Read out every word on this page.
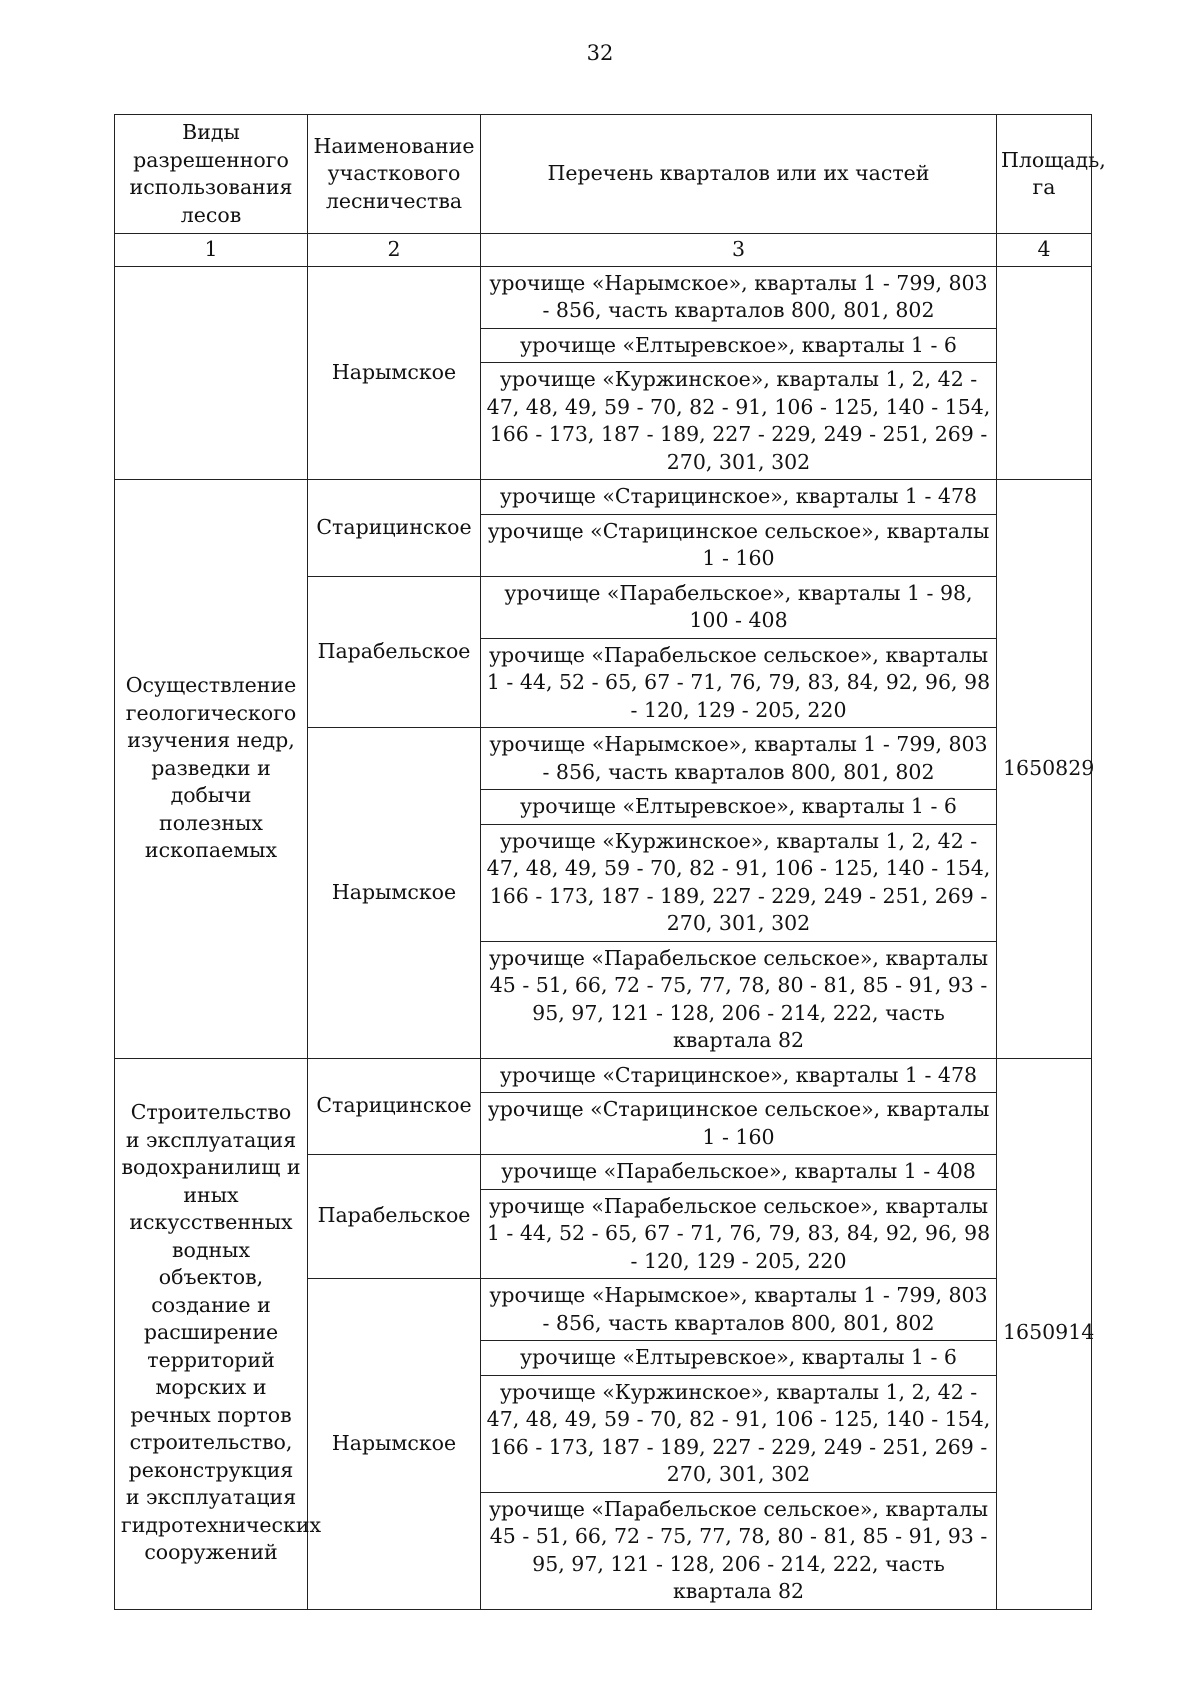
32
Виды разрешенного использования лесов	Наименование участкового лесничества	Перечень кварталов или их частей	Площадь, га
1	2	3	4
	Нарымское	урочище «Нарымское», кварталы 1 - 799, 803 - 856, часть кварталов 800, 801, 802	
		урочище «Елтыревское», кварталы 1 - 6	
		урочище «Куржинское», кварталы 1, 2, 42 - 47, 48, 49, 59 - 70, 82 - 91, 106 - 125, 140 - 154, 166 - 173, 187 - 189, 227 - 229, 249 - 251, 269 - 270, 301, 302	
Осуществление геологического изучения недр, разведки и добычи полезных ископаемых	Старицинское	урочище «Старицинское», кварталы 1 - 478	1650829
		урочище «Старицинское сельское», кварталы 1 - 160	
	Парабельское	урочище «Парабельское», кварталы 1 - 98, 100 - 408	
		урочище «Парабельское сельское», кварталы 1 - 44, 52 - 65, 67 - 71, 76, 79, 83, 84, 92, 96, 98 - 120, 129 - 205, 220	
	Нарымское	урочище «Нарымское», кварталы 1 - 799, 803 - 856, часть кварталов 800, 801, 802	
		урочище «Елтыревское», кварталы 1 - 6	
		урочище «Куржинское», кварталы 1, 2, 42 - 47, 48, 49, 59 - 70, 82 - 91, 106 - 125, 140 - 154, 166 - 173, 187 - 189, 227 - 229, 249 - 251, 269 - 270, 301, 302	
		урочище «Парабельское сельское», кварталы 45 - 51, 66, 72 - 75, 77, 78, 80 - 81, 85 - 91, 93 - 95, 97, 121 - 128, 206 - 214, 222, часть квартала 82	
Строительство и эксплуатация водохранилищ и иных искусственных водных объектов, создание и расширение территорий морских и речных портов строительство, реконструкция и эксплуатация гидротехнических сооружений	Старицинское	урочище «Старицинское», кварталы 1 - 478	1650914
		урочище «Старицинское сельское», кварталы 1 - 160	
	Парабельское	урочище «Парабельское», кварталы 1 - 408	
		урочище «Парабельское сельское», кварталы 1 - 44, 52 - 65, 67 - 71, 76, 79, 83, 84, 92, 96, 98 - 120, 129 - 205, 220	
	Нарымское	урочище «Нарымское», кварталы 1 - 799, 803 - 856, часть кварталов 800, 801, 802	
		урочище «Елтыревское», кварталы 1 - 6	
		урочище «Куржинское», кварталы 1, 2, 42 - 47, 48, 49, 59 - 70, 82 - 91, 106 - 125, 140 - 154, 166 - 173, 187 - 189, 227 - 229, 249 - 251, 269 - 270, 301, 302	
		урочище «Парабельское сельское», кварталы 45 - 51, 66, 72 - 75, 77, 78, 80 - 81, 85 - 91, 93 - 95, 97, 121 - 128, 206 - 214, 222, часть квартала 82	
